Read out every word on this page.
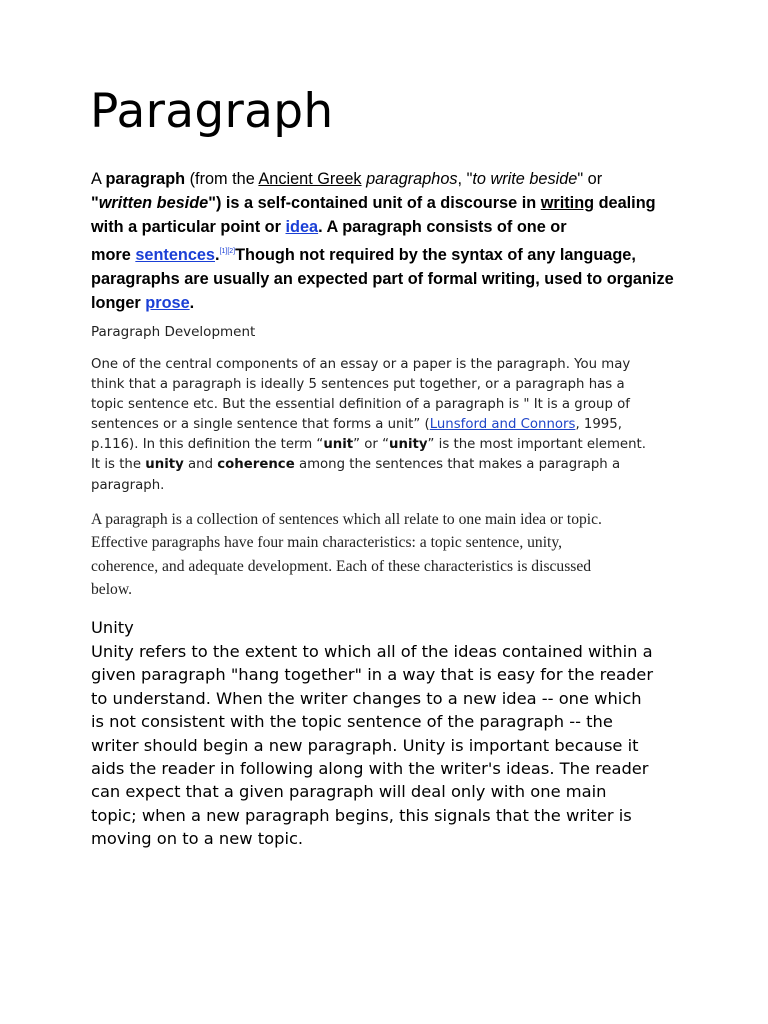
Paragraph

A paragraph (from the Ancient Greek paragraphos, "to write beside" or
"written beside") is a self-contained unit of a discourse in writing dealing
with a particular point or idea. A paragraph consists of one or
more sentences.[1][2]Though not required by the syntax of any language,
paragraphs are usually an expected part of formal writing, used to organize
longer prose.

Paragraph Development

One of the central components of an essay or a paper is the paragraph. You may
think that a paragraph is ideally 5 sentences put together, or a paragraph has a
topic sentence etc. But the essential definition of a paragraph is " It is a group of
sentences or a single sentence that forms a unit” (Lunsford and Connors, 1995,
p.116). In this definition the term “unit” or “unity” is the most important element.
It is the unity and coherence among the sentences that makes a paragraph a
paragraph.

A paragraph is a collection of sentences which all relate to one main idea or topic.
Effective paragraphs have four main characteristics: a topic sentence, unity,
coherence, and adequate development. Each of these characteristics is discussed
below.

Unity

Unity refers to the extent to which all of the ideas contained within a
given paragraph "hang together" in a way that is easy for the reader
to understand. When the writer changes to a new idea -- one which
is not consistent with the topic sentence of the paragraph -- the
writer should begin a new paragraph. Unity is important because it
aids the reader in following along with the writer's ideas. The reader
can expect that a given paragraph will deal only with one main
topic; when a new paragraph begins, this signals that the writer is
moving on to a new topic.
